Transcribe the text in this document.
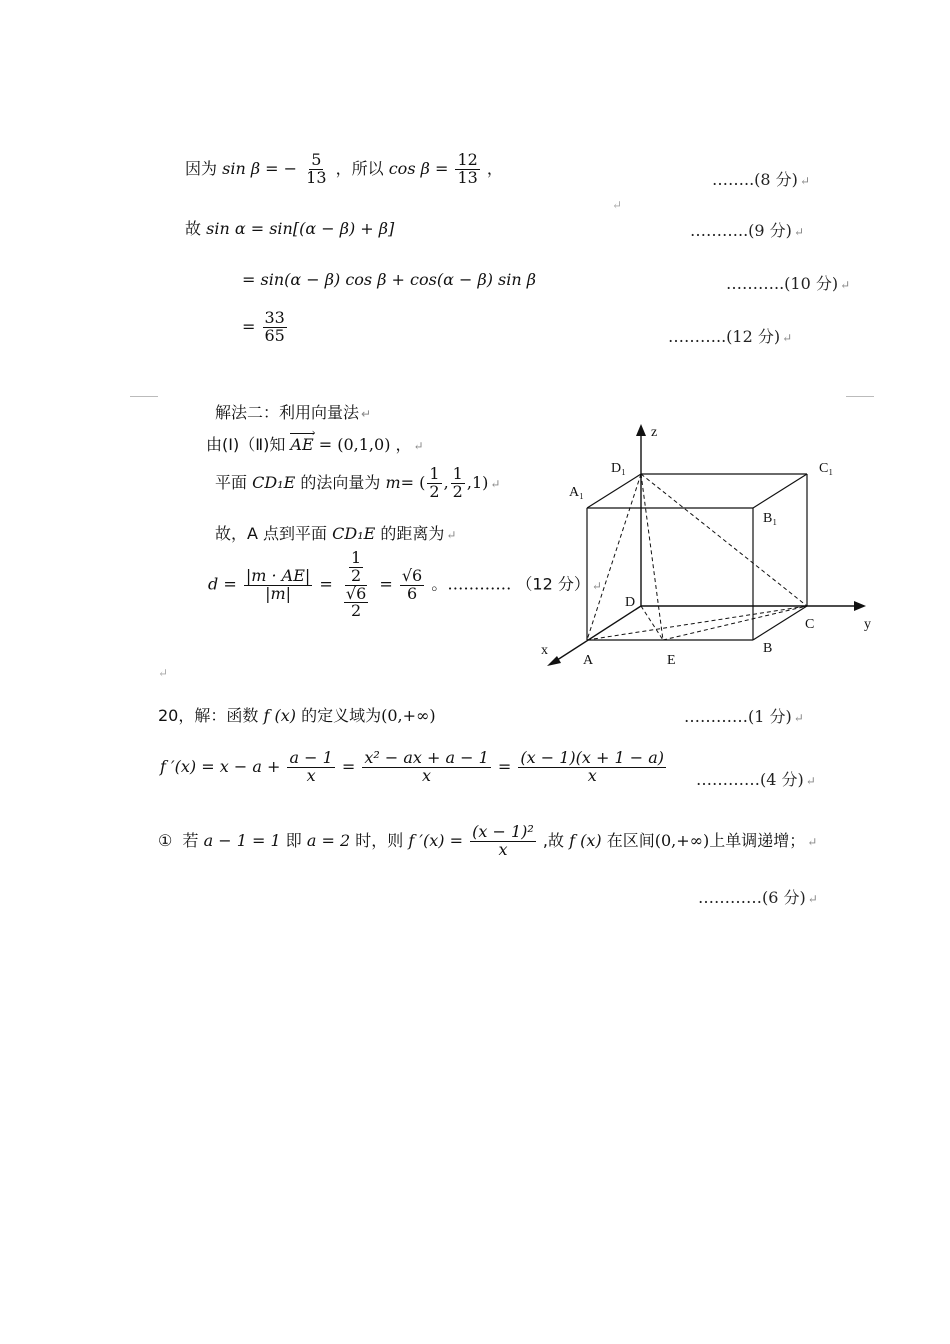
因为 sin β = − $\frac{5}{13}$ ，所以 $\cos \beta = \frac{12}{13}$ ，
……..(8 分) ↵
↵
故 sin α = sin[(α − β) + β]	………..(9 分) ↵
= sin(α − β) cos β + cos(α − β) sin β	………..(10 分) ↵
= $\frac{33}{65}$	………..(12 分) ↵
解法二：利用向量法 ↵
由(Ⅰ)（Ⅱ)知
›
AE = (0,1,0) ， ↵
平面 CD₁E 的法向量为 m= ( $\frac{1}{2}$ , $\frac{1}{2} ,1$) ↵
故，A 点到平面 CD₁E 的距离为 ↵
$d = \frac{|m \cdot AE|}{|m|} = \frac{\frac{1}{2}}{\frac{√6}{2}} = \frac{√6}{6}$ 。………… （12 分） ↵
↵
z
y
x
D₁	C₁
A₁
B₁
D
C
A	E
B
20，解：函数 f (x) 的定义域为(0,+∞)	…………(1 分) ↵
f $'(x) = x - a + \frac{a - 1}{x} = \frac{\text{x² − ax + a − 1}}{x} = \frac{(x - 1)(x + 1 - a)}{x}$ …………(4 分) ↵
① 若 a − 1 = 1 即 a = 2 时，则 f $'(x) = \frac{\text{(x − 1)²}}{x}$ ,故 f (x) 在区间(0,+∞)上单调递增； ↵
…………(6 分) ↵
